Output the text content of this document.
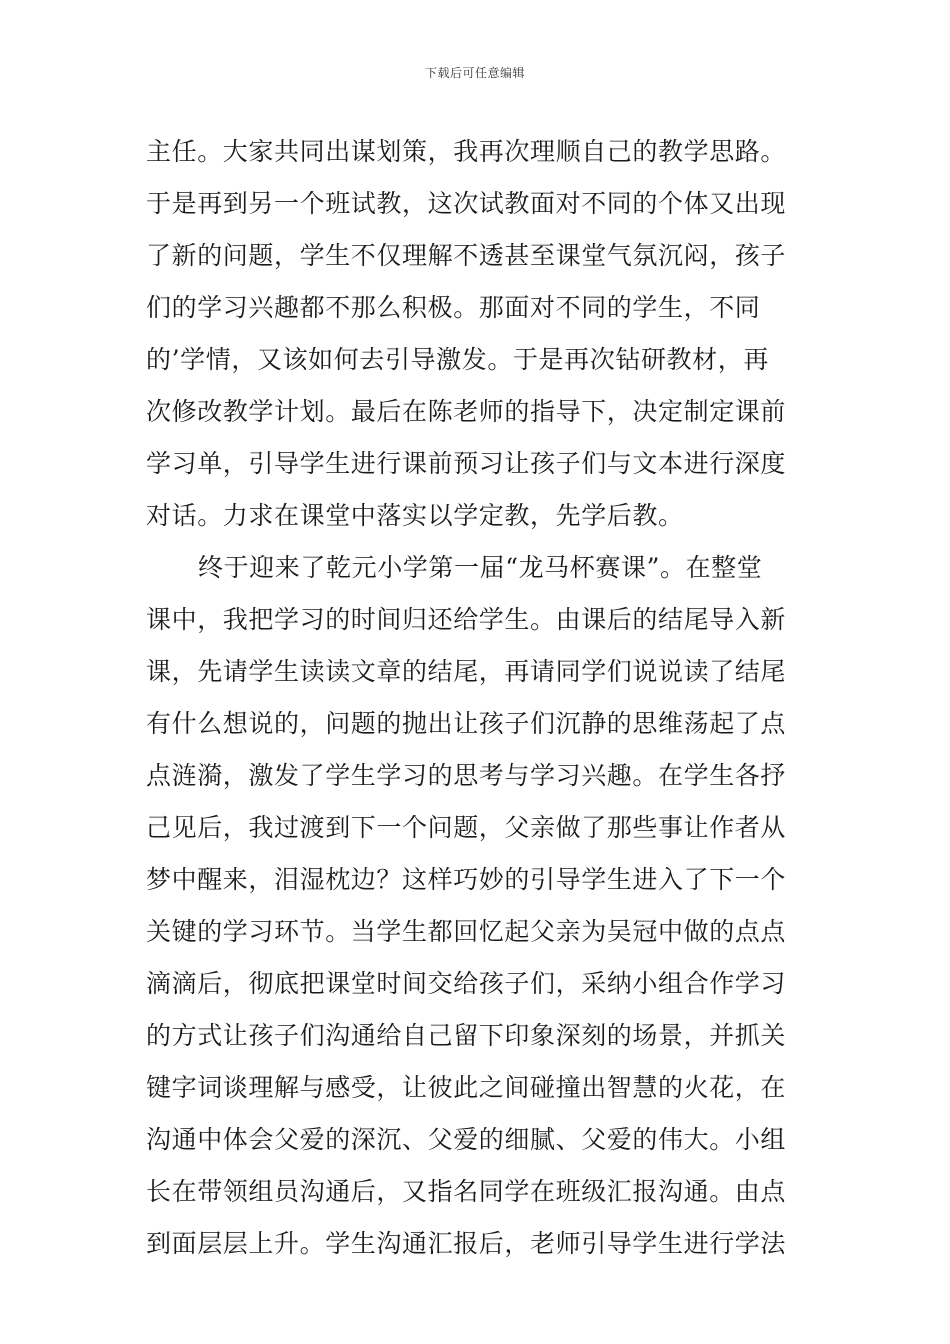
下载后可任意编辑
主任。大家共同出谋划策，我再次理顺自己的教学思路。
于是再到另一个班试教，这次试教面对不同的个体又出现
了新的问题，学生不仅理解不透甚至课堂气氛沉闷，孩子
们的学习兴趣都不那么积极。那面对不同的学生，不同
的’学情，又该如何去引导激发。于是再次钻研教材，再
次修改教学计划。最后在陈老师的指导下，决定制定课前
学习单，引导学生进行课前预习让孩子们与文本进行深度
对话。力求在课堂中落实以学定教，先学后教。
终于迎来了乾元小学第一届“龙马杯赛课”。在整堂
课中，我把学习的时间归还给学生。由课后的结尾导入新
课，先请学生读读文章的结尾，再请同学们说说读了结尾
有什么想说的，问题的抛出让孩子们沉静的思维荡起了点
点涟漪，激发了学生学习的思考与学习兴趣。在学生各抒
己见后，我过渡到下一个问题，父亲做了那些事让作者从
梦中醒来，泪湿枕边？这样巧妙的引导学生进入了下一个
关键的学习环节。当学生都回忆起父亲为吴冠中做的点点
滴滴后，彻底把课堂时间交给孩子们，采纳小组合作学习
的方式让孩子们沟通给自己留下印象深刻的场景，并抓关
键字词谈理解与感受，让彼此之间碰撞出智慧的火花，在
沟通中体会父爱的深沉、父爱的细腻、父爱的伟大。小组
长在带领组员沟通后，又指名同学在班级汇报沟通。由点
到面层层上升。学生沟通汇报后，老师引导学生进行学法
